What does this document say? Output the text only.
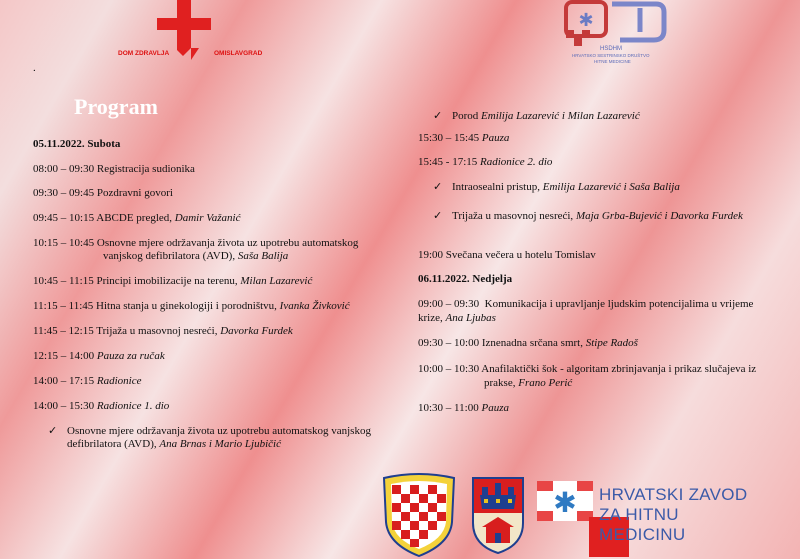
DOM ZDRAVLJA	OMISLAVGRAD
.
✱
HSDHM
HRVATSKO SESTRINSKO DRUŠTVO
HITNE MEDICINE
Program
05.11.2022. Subota
08:00 – 09:30 Registracija sudionika
09:30 – 09:45 Pozdravni govori
09:45 – 10:15 ABCDE pregled, Damir Važanić
10:15 – 10:45 Osnovne mjere održavanja života uz upotrebu automatskog
vanjskog defibrilatora (AVD), Saša Balija
10:45 – 11:15 Principi imobilizacije na terenu, Milan Lazarević
11:15 – 11:45 Hitna stanja u ginekologiji i porodništvu, Ivanka Živković
11:45 – 12:15 Trijaža u masovnoj nesreći, Davorka Furdek
12:15 – 14:00 Pauza za ručak
14:00 – 17:15 Radionice
14:00 – 15:30 Radionice 1. dio
✓ Osnovne mjere održavanja života uz upotrebu automatskog vanjskog
defibrilatora (AVD), Ana Brnas i Mario Ljubičić
✓ Porod Emilija Lazarević i Milan Lazarević
15:30 – 15:45 Pauza
15:45 - 17:15 Radionice 2. dio
✓ Intraosealni pristup, Emilija Lazarević i Saša Balija
✓ Trijaža u masovnoj nesreći, Maja Grba-Bujević i Davorka Furdek
19:00 Svečana večera u hotelu Tomislav
06.11.2022. Nedjelja
09:00 – 09:30 Komunikacija i upravljanje ljudskim potencijalima u vrijeme
krize, Ana Ljubas
09:30 – 10:00 Iznenadna srčana smrt, Stipe Radoš
10:00 – 10:30 Anafilaktički šok - algoritam zbrinjavanja i prikaz slučajeva iz
prakse, Frano Perić
10:30 – 11:00 Pauza
✱ HRVATSKI ZAVOD
ZA HITNU MEDICINU
